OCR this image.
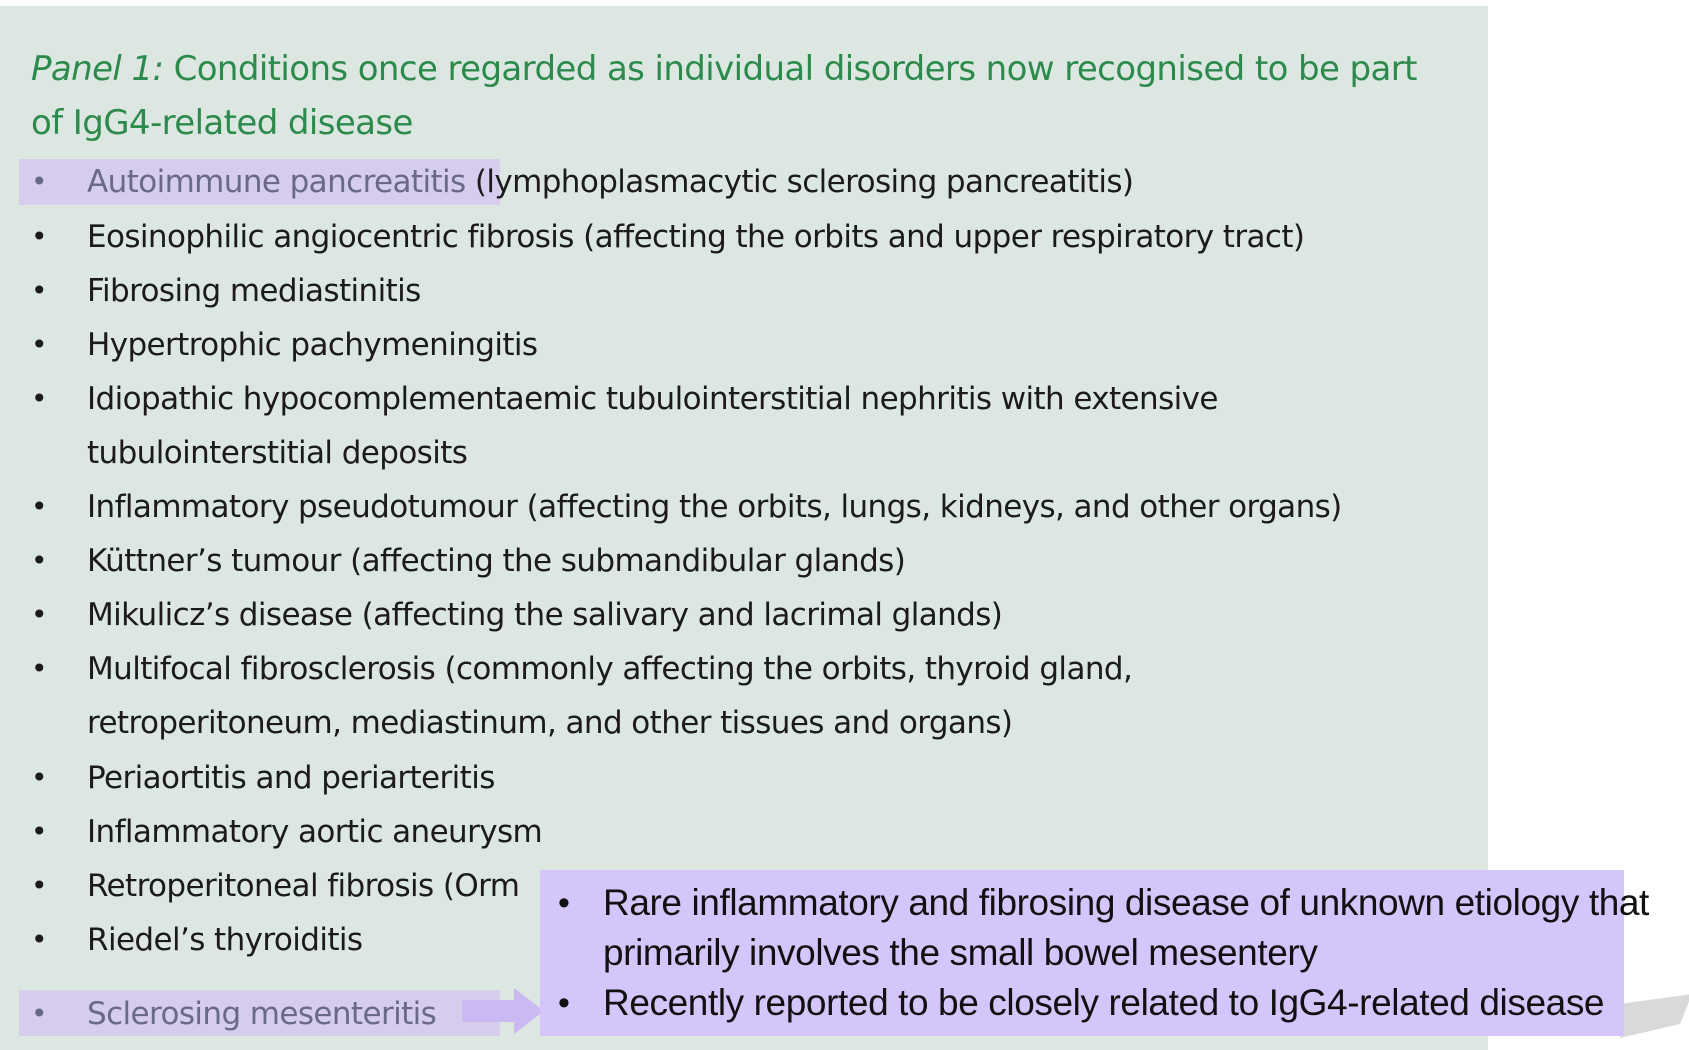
Panel 1: Conditions once regarded as individual disorders now recognised to be part of IgG4-related disease
• Autoimmune pancreatitis (lymphoplasmacytic sclerosing pancreatitis)
• Eosinophilic angiocentric fibrosis (affecting the orbits and upper respiratory tract)
• Fibrosing mediastinitis
• Hypertrophic pachymeningitis
• Idiopathic hypocomplementaemic tubulointerstitial nephritis with extensive
tubulointerstitial deposits
• Inflammatory pseudotumour (affecting the orbits, lungs, kidneys, and other organs)
• Küttner’s tumour (affecting the submandibular glands)
• Mikulicz’s disease (affecting the salivary and lacrimal glands)
• Multifocal fibrosclerosis (commonly affecting the orbits, thyroid gland,
retroperitoneum, mediastinum, and other tissues and organs)
• Periaortitis and periarteritis
• Inflammatory aortic aneurysm
• Retroperitoneal fibrosis (Orm
• Riedel’s thyroiditis
• Sclerosing mesenteritis
• Rare inflammatory and fibrosing disease of unknown etiology that
primarily involves the small bowel mesentery
• Recently reported to be closely related to IgG4-related disease
